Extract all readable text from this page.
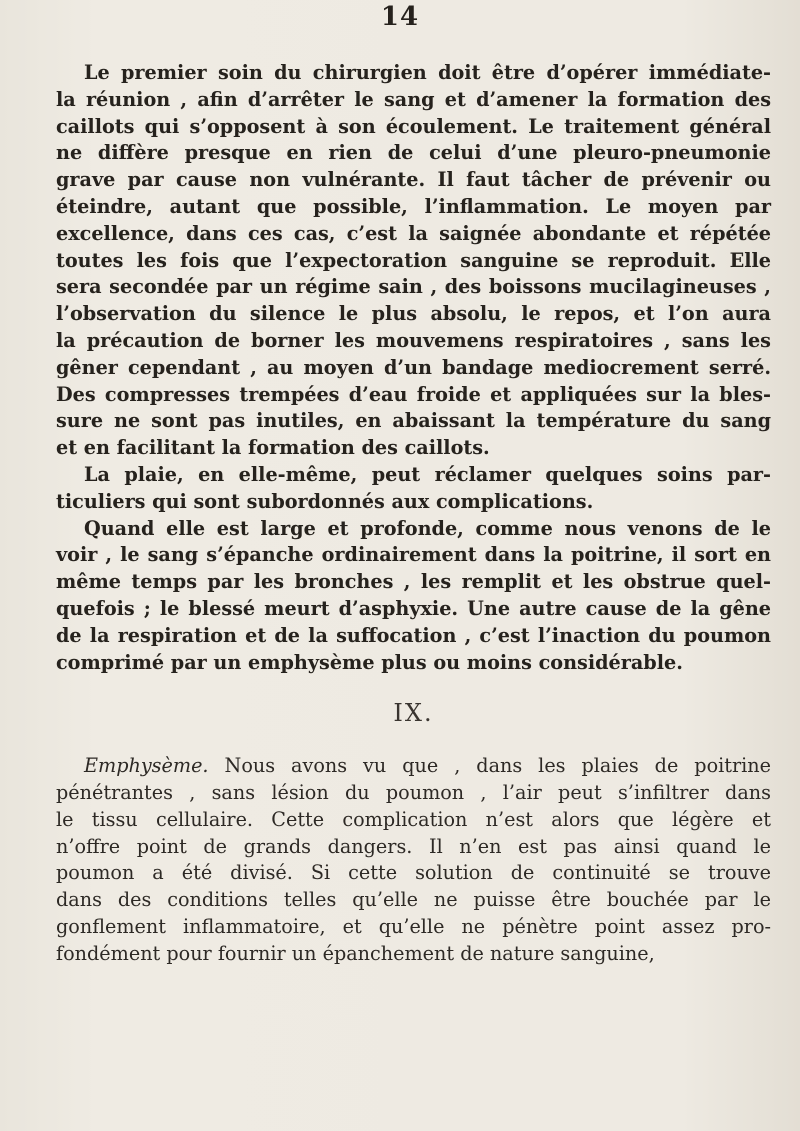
14
Le premier soin du chirurgien doit être d’opérer immédiate-
la réunion , afin d’arrêter le sang et d’amener la formation des
caillots qui s’opposent à son écoulement. Le traitement général
ne diffère presque en rien de celui d’une pleuro-pneumonie
grave par cause non vulnérante. Il faut tâcher de prévenir ou
éteindre, autant que possible, l’inflammation. Le moyen par
excellence, dans ces cas, c’est la saignée abondante et répétée
toutes les fois que l’expectoration sanguine se reproduit. Elle
sera secondée par un régime sain , des boissons mucilagineuses ,
l’observation du silence le plus absolu, le repos, et l’on aura
la précaution de borner les mouvemens respiratoires , sans les
gêner cependant , au moyen d’un bandage mediocrement serré.
Des compresses trempées d’eau froide et appliquées sur la bles-
sure ne sont pas inutiles, en abaissant la température du sang
et en facilitant la formation des caillots.
La plaie, en elle-même, peut réclamer quelques soins par-
ticuliers qui sont subordonnés aux complications.
Quand elle est large et profonde, comme nous venons de le
voir , le sang s’épanche ordinairement dans la poitrine, il sort en
même temps par les bronches , les remplit et les obstrue quel-
quefois ; le blessé meurt d’asphyxie. Une autre cause de la gêne
de la respiration et de la suffocation , c’est l’inaction du poumon
comprimé par un emphysème plus ou moins considérable.
IX.
Emphysème. Nous avons vu que , dans les plaies de poitrine
pénétrantes , sans lésion du poumon , l’air peut s’infiltrer dans
le tissu cellulaire. Cette complication n’est alors que légère et
n’offre point de grands dangers. Il n’en est pas ainsi quand le
poumon a été divisé. Si cette solution de continuité se trouve
dans des conditions telles qu’elle ne puisse être bouchée par le
gonflement inflammatoire, et qu’elle ne pénètre point assez pro-
fondément pour fournir un épanchement de nature sanguine,
